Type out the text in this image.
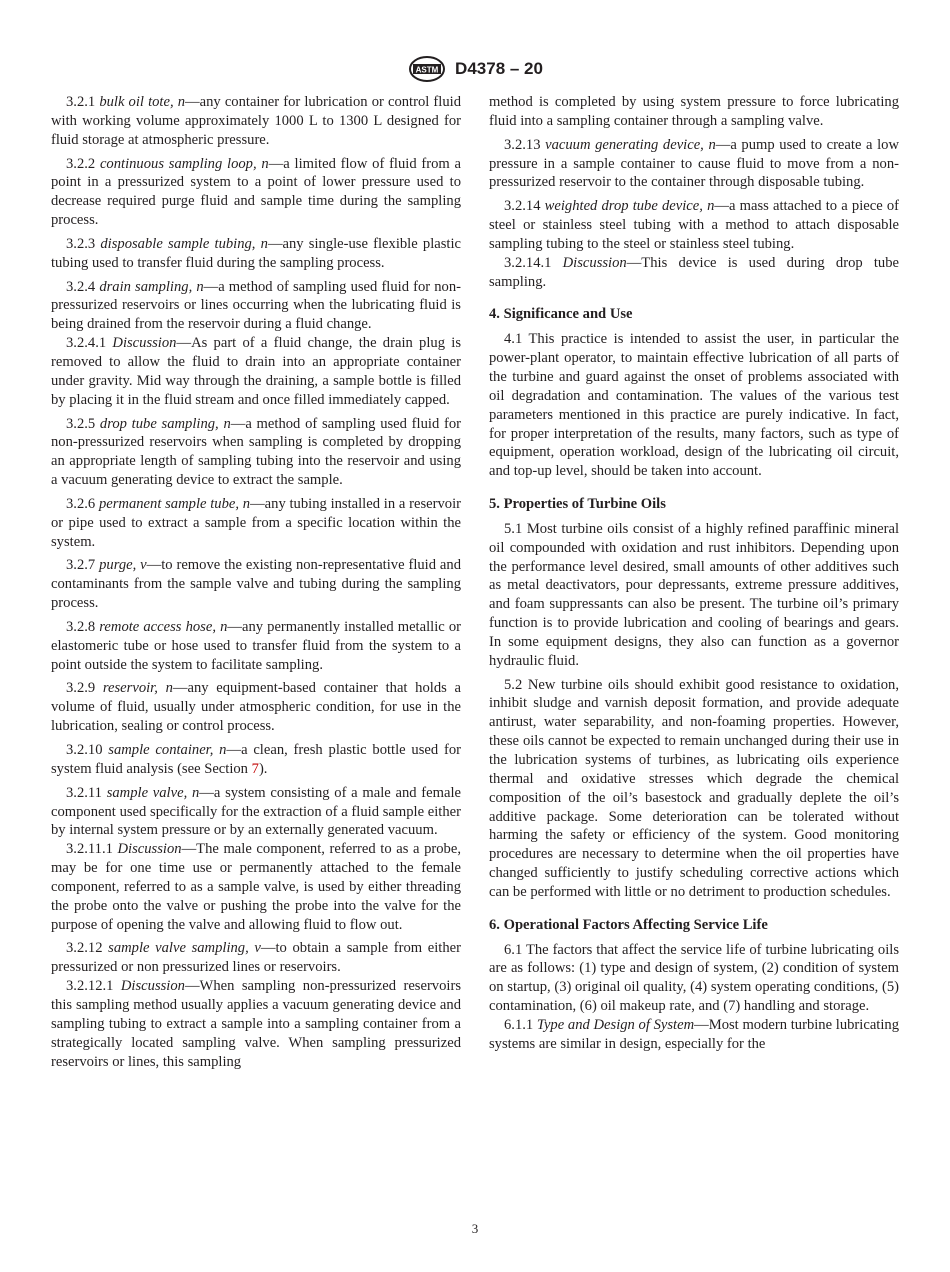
ASTM D4378 – 20

3.2.1 bulk oil tote, n—any container for lubrication or control fluid with working volume approximately 1000 L to 1300 L designed for fluid storage at atmospheric pressure.

3.2.2 continuous sampling loop, n—a limited flow of fluid from a point in a pressurized system to a point of lower pressure used to decrease required purge fluid and sample time during the sampling process.

3.2.3 disposable sample tubing, n—any single-use flexible plastic tubing used to transfer fluid during the sampling process.

3.2.4 drain sampling, n—a method of sampling used fluid for non-pressurized reservoirs or lines occurring when the lubricating fluid is being drained from the reservoir during a fluid change.

3.2.4.1 Discussion—As part of a fluid change, the drain plug is removed to allow the fluid to drain into an appropriate container under gravity. Mid way through the draining, a sample bottle is filled by placing it in the fluid stream and once filled immediately capped.

3.2.5 drop tube sampling, n—a method of sampling used fluid for non-pressurized reservoirs when sampling is completed by dropping an appropriate length of sampling tubing into the reservoir and using a vacuum generating device to extract the sample.

3.2.6 permanent sample tube, n—any tubing installed in a reservoir or pipe used to extract a sample from a specific location within the system.

3.2.7 purge, v—to remove the existing non-representative fluid and contaminants from the sample valve and tubing during the sampling process.

3.2.8 remote access hose, n—any permanently installed metallic or elastomeric tube or hose used to transfer fluid from the system to a point outside the system to facilitate sampling.

3.2.9 reservoir, n—any equipment-based container that holds a volume of fluid, usually under atmospheric condition, for use in the lubrication, sealing or control process.

3.2.10 sample container, n—a clean, fresh plastic bottle used for system fluid analysis (see Section 7).

3.2.11 sample valve, n—a system consisting of a male and female component used specifically for the extraction of a fluid sample either by internal system pressure or by an externally generated vacuum.

3.2.11.1 Discussion—The male component, referred to as a probe, may be for one time use or permanently attached to the female component, referred to as a sample valve, is used by either threading the probe onto the valve or pushing the probe into the valve for the purpose of opening the valve and allowing fluid to flow out.

3.2.12 sample valve sampling, v—to obtain a sample from either pressurized or non pressurized lines or reservoirs.

3.2.12.1 Discussion—When sampling non-pressurized reservoirs this sampling method usually applies a vacuum generating device and sampling tubing to extract a sample into a sampling container from a strategically located sampling valve. When sampling pressurized reservoirs or lines, this sampling

method is completed by using system pressure to force lubricating fluid into a sampling container through a sampling valve.

3.2.13 vacuum generating device, n—a pump used to create a low pressure in a sample container to cause fluid to move from a non-pressurized reservoir to the container through disposable tubing.

3.2.14 weighted drop tube device, n—a mass attached to a piece of steel or stainless steel tubing with a method to attach disposable sampling tubing to the steel or stainless steel tubing.

3.2.14.1 Discussion—This device is used during drop tube sampling.

4. Significance and Use

4.1 This practice is intended to assist the user, in particular the power-plant operator, to maintain effective lubrication of all parts of the turbine and guard against the onset of problems associated with oil degradation and contamination. The values of the various test parameters mentioned in this practice are purely indicative. In fact, for proper interpretation of the results, many factors, such as type of equipment, operation workload, design of the lubricating oil circuit, and top-up level, should be taken into account.

5. Properties of Turbine Oils

5.1 Most turbine oils consist of a highly refined paraffinic mineral oil compounded with oxidation and rust inhibitors. Depending upon the performance level desired, small amounts of other additives such as metal deactivators, pour depressants, extreme pressure additives, and foam suppressants can also be present. The turbine oil’s primary function is to provide lubrication and cooling of bearings and gears. In some equipment designs, they also can function as a governor hydraulic fluid.

5.2 New turbine oils should exhibit good resistance to oxidation, inhibit sludge and varnish deposit formation, and provide adequate antirust, water separability, and non-foaming properties. However, these oils cannot be expected to remain unchanged during their use in the lubrication systems of turbines, as lubricating oils experience thermal and oxidative stresses which degrade the chemical composition of the oil’s basestock and gradually deplete the oil’s additive package. Some deterioration can be tolerated without harming the safety or efficiency of the system. Good monitoring procedures are necessary to determine when the oil properties have changed sufficiently to justify scheduling corrective actions which can be performed with little or no detriment to production schedules.

6. Operational Factors Affecting Service Life

6.1 The factors that affect the service life of turbine lubricating oils are as follows: (1) type and design of system, (2) condition of system on startup, (3) original oil quality, (4) system operating conditions, (5) contamination, (6) oil makeup rate, and (7) handling and storage.

6.1.1 Type and Design of System—Most modern turbine lubricating systems are similar in design, especially for the

3
